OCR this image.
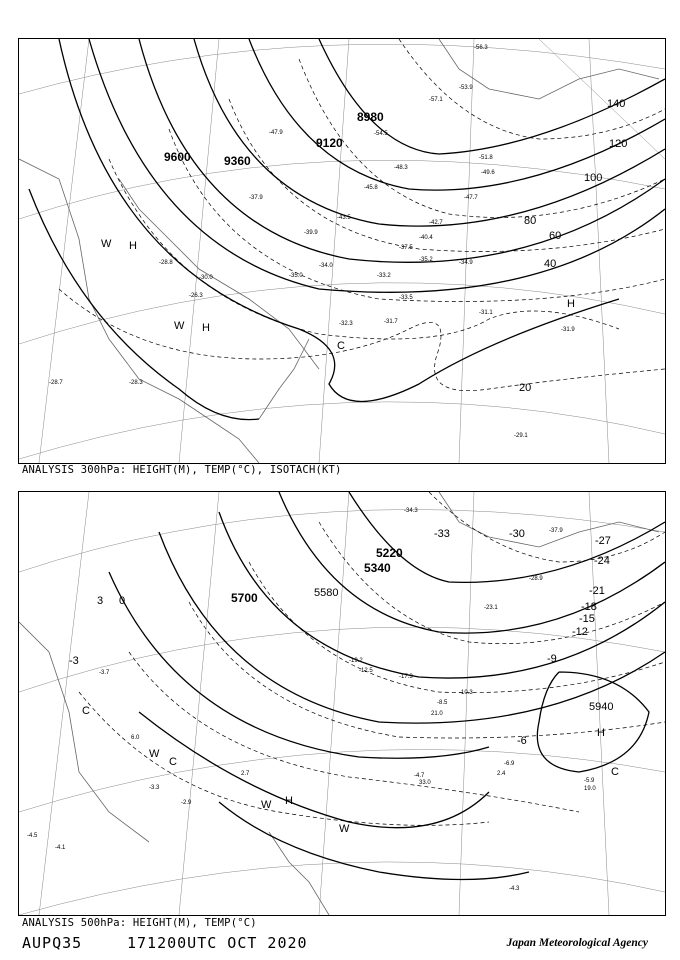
8980
9120
9360
9600
20
40
60
80
100
120
140
H
H
H
W
W
C
-54.5
-53.9
-56.3
-51.8
-48.3
-45.8
-47.9
-43.5
-42.7
-39.9
-37.5
-35.2
-34.0
-33.2
-33.5
-32.3	-31.7
-31.1
-31.9
-30.0
-29.1
-28.3
-28.7
-26.3
-28.8
-35.0
-37.9
-34.9
-40.4
-47.7
-49.6
-57.1
ANALYSIS 300hPa: HEIGHT(M), TEMP(°C), ISOTACH(KT)
5220
5340
5580
5700
5940
-33	-30
-27
-24
-21
-18
-15
-12
-9
-6
-3
0
3
H
H
W
W
W
C
C
C
-34.3
-37.9
-28.9
-23.1
-19.2
-17.3
-12.5
-10.3
-8.5
-6.9
-4.7
-5.9
-4.3
-4.1
-3.7
-2.9
-3.3
-4.5
2.4
2.7
6.0
19.0
21.0
33.0
ANALYSIS 500hPa: HEIGHT(M), TEMP(°C)
AUPQ35	171200UTC OCT 2020	Japan Meteorological Agency
